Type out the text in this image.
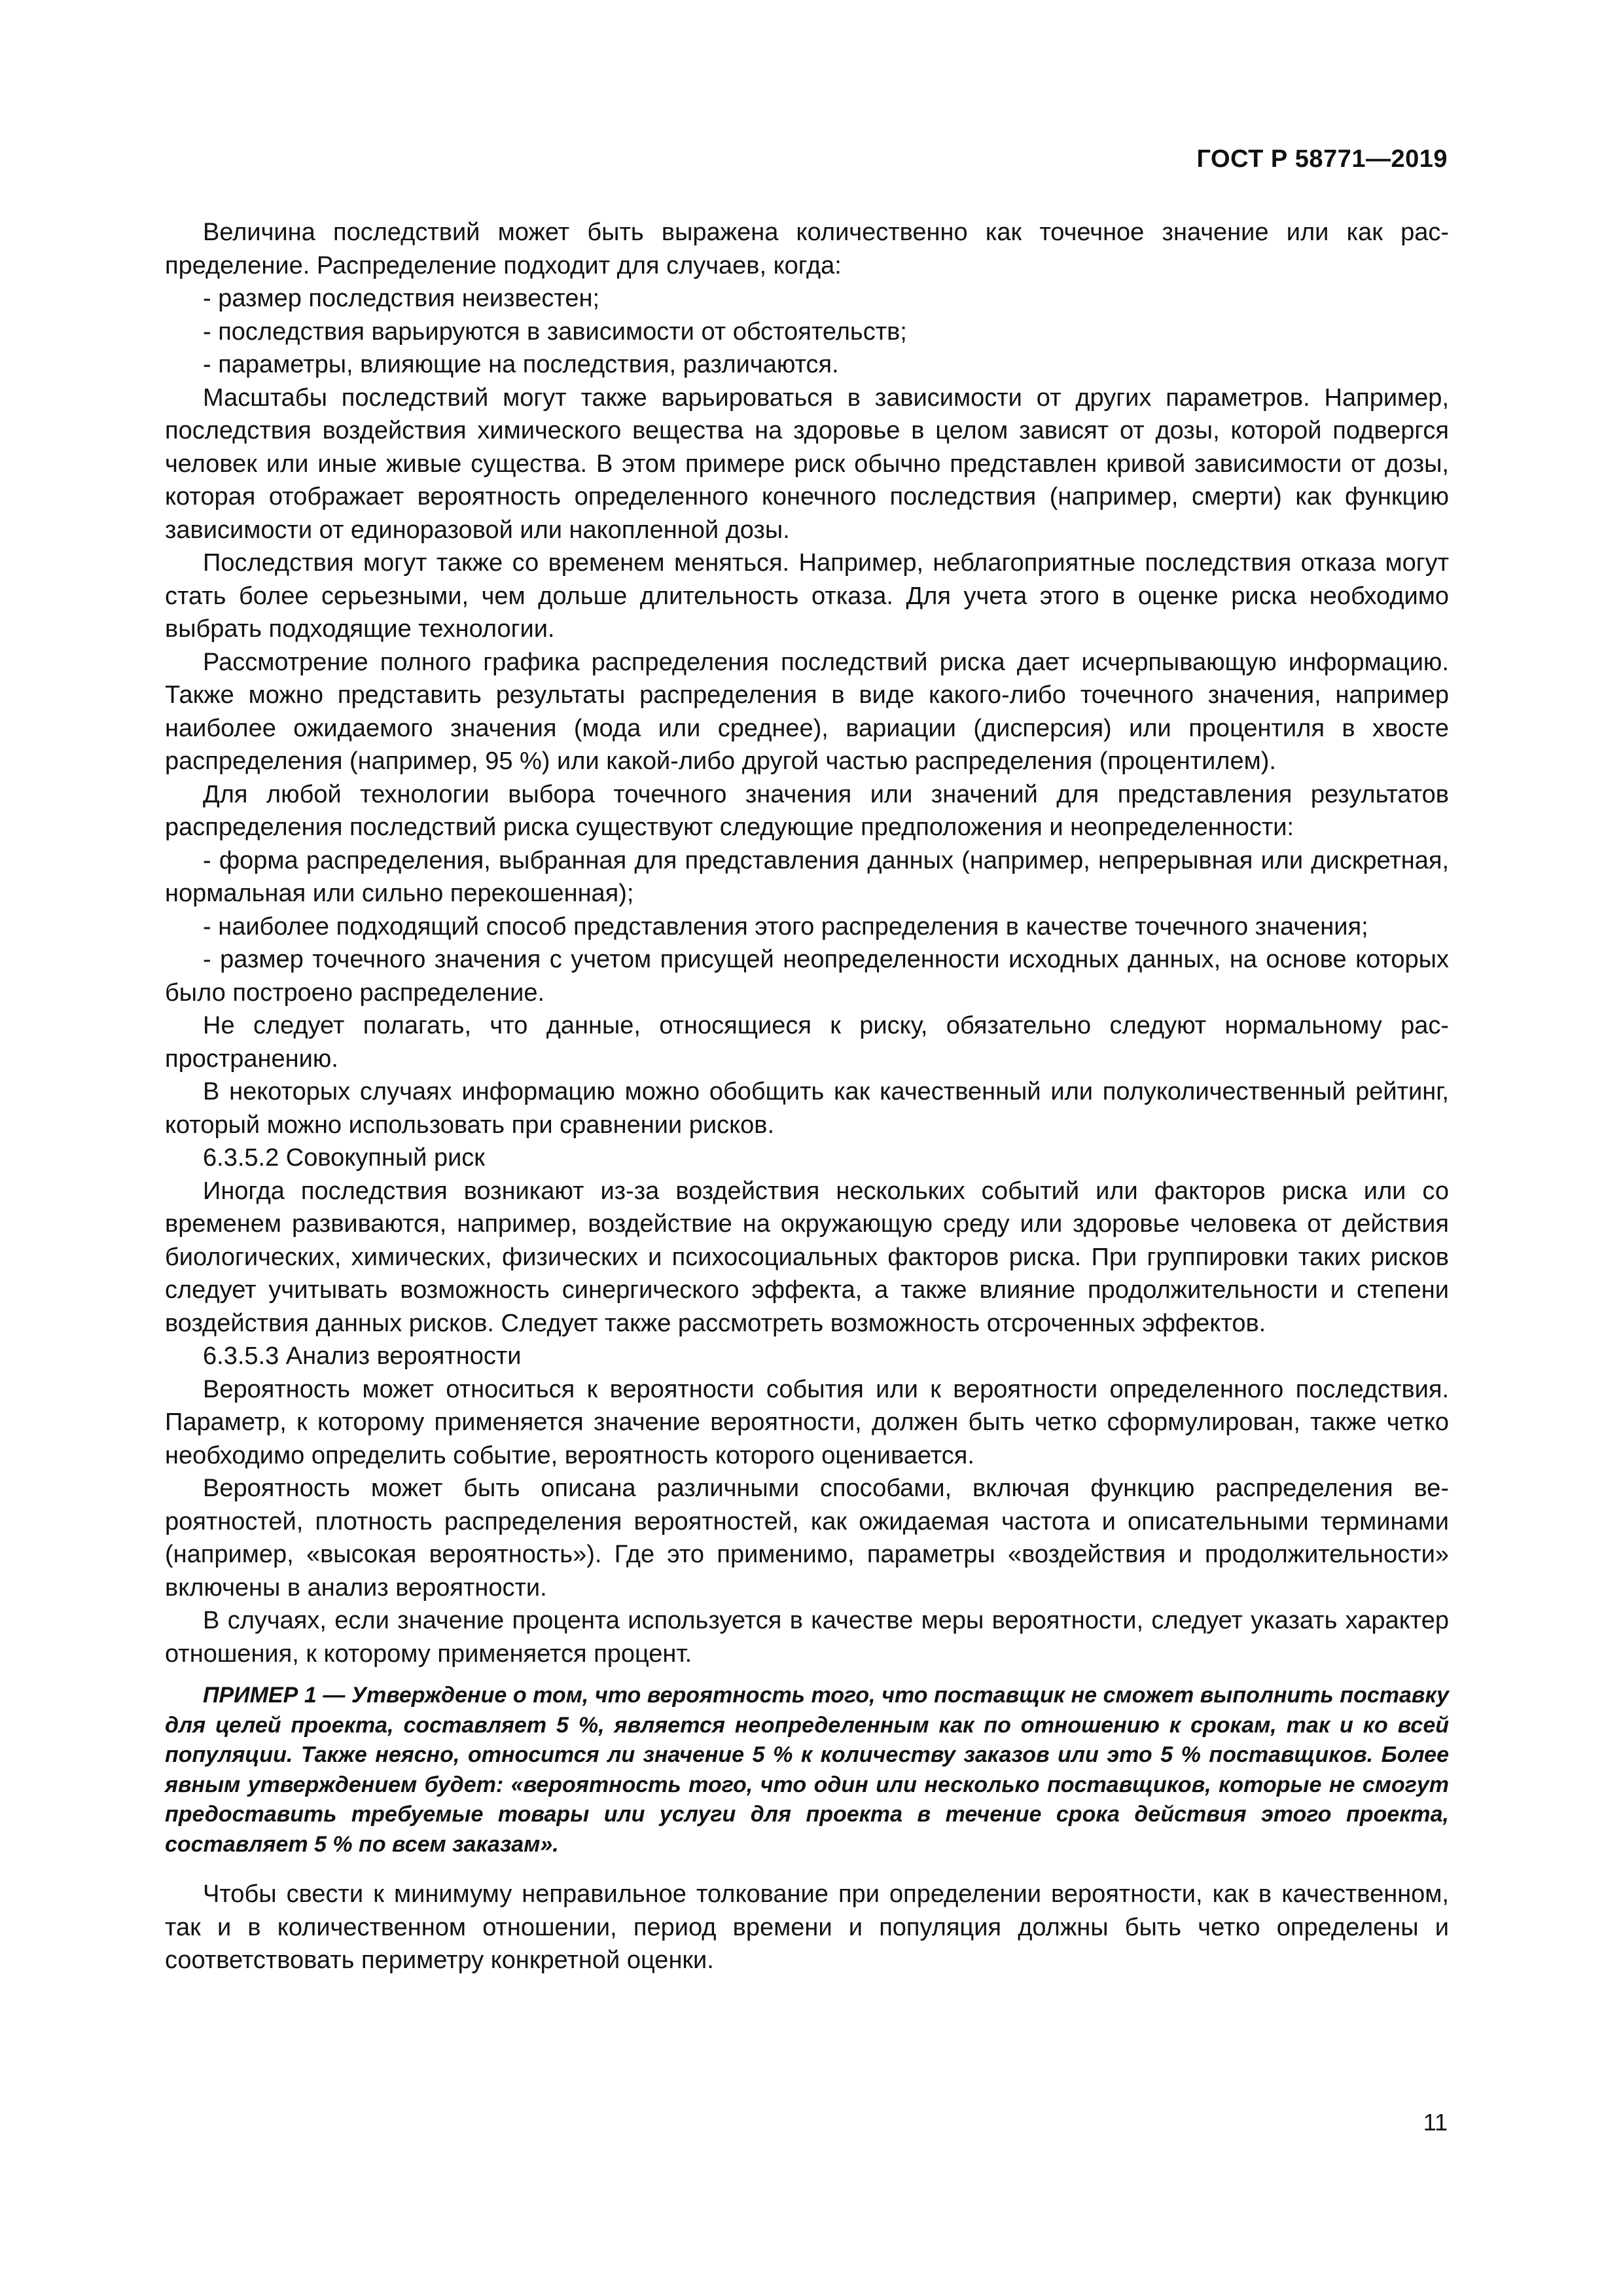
ГОСТ Р 58771—2019

Величина последствий может быть выражена количественно как точечное значение или как распределение. Распределение подходит для случаев, когда:

- размер последствия неизвестен;

- последствия варьируются в зависимости от обстоятельств;

- параметры, влияющие на последствия, различаются.

Масштабы последствий могут также варьироваться в зависимости от других параметров. Например, последствия воздействия химического вещества на здоровье в целом зависят от дозы, которой подвергся человек или иные живые существа. В этом примере риск обычно представлен кривой зависимости от дозы, которая отображает вероятность определенного конечного последствия (например, смерти) как функцию зависимости от единоразовой или накопленной дозы.

Последствия могут также со временем меняться. Например, неблагоприятные последствия отказа могут стать более серьезными, чем дольше длительность отказа. Для учета этого в оценке риска необходимо выбрать подходящие технологии.

Рассмотрение полного графика распределения последствий риска дает исчерпывающую информацию. Также можно представить результаты распределения в виде какого-либо точечного значения, например наиболее ожидаемого значения (мода или среднее), вариации (дисперсия) или процентиля в хвосте распределения (например, 95 %) или какой-либо другой частью распределения (процентилем).

Для любой технологии выбора точечного значения или значений для представления результатов распределения последствий риска существуют следующие предположения и неопределенности:

- форма распределения, выбранная для представления данных (например, непрерывная или дискретная, нормальная или сильно перекошенная);

- наиболее подходящий способ представления этого распределения в качестве точечного значения;

- размер точечного значения с учетом присущей неопределенности исходных данных, на основе которых было построено распределение.

Не следует полагать, что данные, относящиеся к риску, обязательно следуют нормальному распространению.

В некоторых случаях информацию можно обобщить как качественный или полуколичественный рейтинг, который можно использовать при сравнении рисков.

6.3.5.2 Совокупный риск

Иногда последствия возникают из-за воздействия нескольких событий или факторов риска или со временем развиваются, например, воздействие на окружающую среду или здоровье человека от действия биологических, химических, физических и психосоциальных факторов риска. При группировки таких рисков следует учитывать возможность синергического эффекта, а также влияние продолжительности и степени воздействия данных рисков. Следует также рассмотреть возможность отсроченных эффектов.

6.3.5.3 Анализ вероятности

Вероятность может относиться к вероятности события или к вероятности определенного последствия. Параметр, к которому применяется значение вероятности, должен быть четко сформулирован, также четко необходимо определить событие, вероятность которого оценивается.

Вероятность может быть описана различными способами, включая функцию распределения вероятностей, плотность распределения вероятностей, как ожидаемая частота и описательными терминами (например, «высокая вероятность»). Где это применимо, параметры «воздействия и продолжительности» включены в анализ вероятности.

В случаях, если значение процента используется в качестве меры вероятности, следует указать характер отношения, к которому применяется процент.

ПРИМЕР 1 — Утверждение о том, что вероятность того, что поставщик не сможет выполнить поставку для целей проекта, составляет 5 %, является неопределенным как по отношению к срокам, так и ко всей популяции. Также неясно, относится ли значение 5 % к количеству заказов или это 5 % поставщиков. Более явным утверждением будет: «вероятность того, что один или несколько поставщиков, которые не смогут предоставить требуемые товары или услуги для проекта в течение срока действия этого проекта, составляет 5 % по всем заказам».

Чтобы свести к минимуму неправильное толкование при определении вероятности, как в качественном, так и в количественном отношении, период времени и популяция должны быть четко определены и соответствовать периметру конкретной оценки.

11
